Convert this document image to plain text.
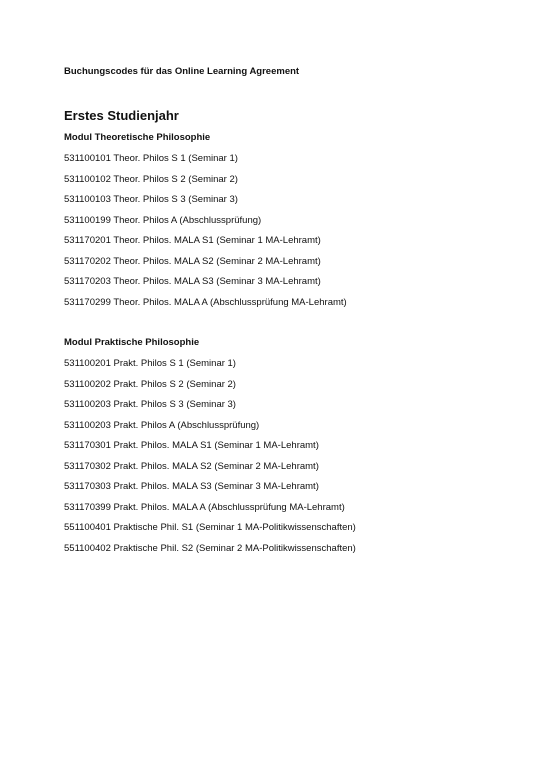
Buchungscodes für das Online Learning Agreement
Erstes Studienjahr
Modul Theoretische Philosophie
531100101 Theor. Philos S 1 (Seminar 1)
531100102 Theor. Philos S 2 (Seminar 2)
531100103 Theor. Philos S 3 (Seminar 3)
531100199 Theor. Philos A (Abschlussprüfung)
531170201 Theor. Philos. MALA S1 (Seminar 1 MA-Lehramt)
531170202 Theor. Philos. MALA S2 (Seminar 2 MA-Lehramt)
531170203 Theor. Philos. MALA S3 (Seminar 3 MA-Lehramt)
531170299 Theor. Philos. MALA A (Abschlussprüfung MA-Lehramt)
Modul Praktische Philosophie
531100201 Prakt. Philos S 1 (Seminar 1)
531100202 Prakt. Philos S 2 (Seminar 2)
531100203 Prakt. Philos S 3 (Seminar 3)
531100203 Prakt. Philos A (Abschlussprüfung)
531170301 Prakt. Philos. MALA S1 (Seminar 1 MA-Lehramt)
531170302 Prakt. Philos. MALA S2 (Seminar 2 MA-Lehramt)
531170303 Prakt. Philos. MALA S3 (Seminar 3 MA-Lehramt)
531170399 Prakt. Philos. MALA A (Abschlussprüfung MA-Lehramt)
551100401 Praktische Phil. S1 (Seminar 1 MA-Politikwissenschaften)
551100402 Praktische Phil. S2 (Seminar 2 MA-Politikwissenschaften)
